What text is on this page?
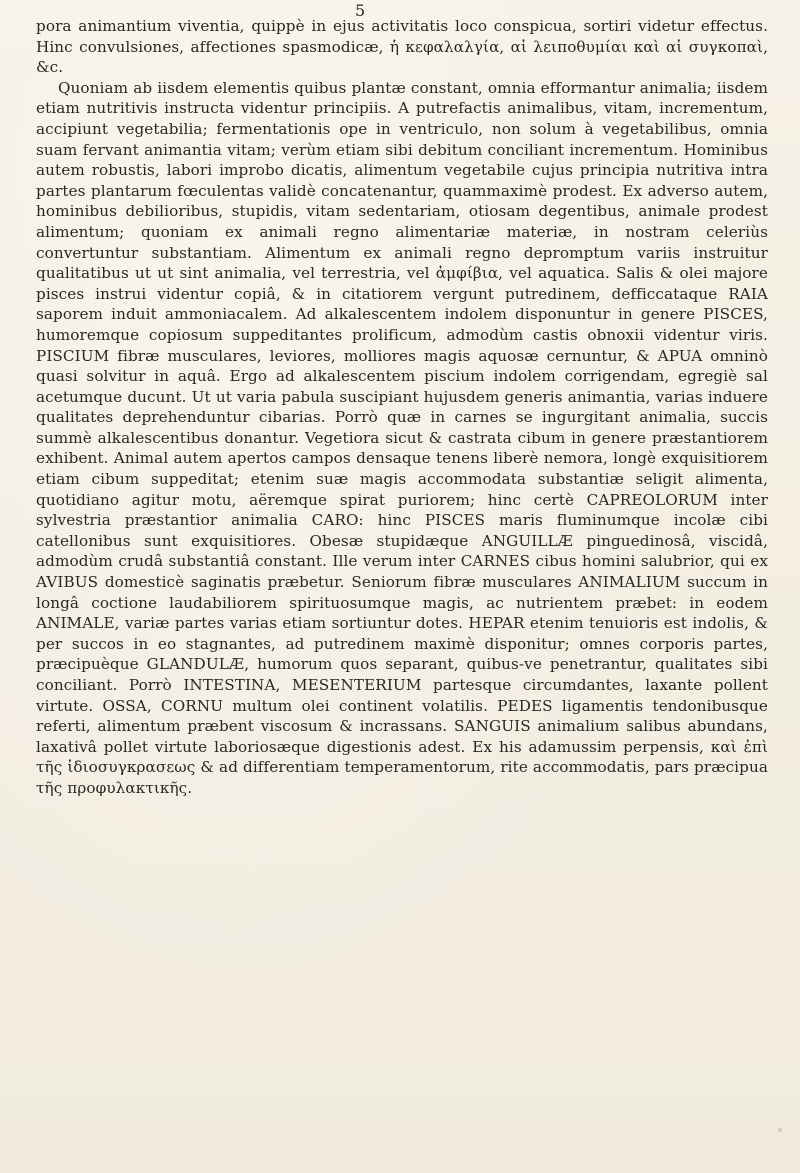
5

pora animantium viventia, quippè in ejus activitatis loco conspicua, sortiri videtur effectus. Hinc convulsiones, affectiones spasmodicæ, ἡ κεφαλαλγία, αἱ λειποθυμίαι καὶ αἱ συγκοπαὶ, &c.

Quoniam ab iisdem elementis quibus plantæ constant, omnia efformantur animalia; iisdem etiam nutritivis instructa videntur principiis. A putrefactis animalibus, vitam, incrementum, accipiunt vegetabilia; fermentationis ope in ventriculo, non solum à vegetabilibus, omnia suam fervant animantia vitam; verùm etiam sibi debitum conciliant incrementum. Hominibus autem robustis, labori improbo dicatis, alimentum vegetabile cujus principia nutritiva intra partes plantarum fœculentas validè concatenantur, quammaximè prodest. Ex adverso autem, hominibus debilioribus, stupidis, vitam sedentariam, otiosam degentibus, animale prodest alimentum; quoniam ex animali regno alimentariæ materiæ, in nostram celeriùs convertuntur substantiam. Alimentum ex animali regno depromptum variis instruitur qualitatibus ut ut sint animalia, vel terrestria, vel ἀμφίβια, vel aquatica. Salis & olei majore pisces instrui videntur copiâ, & in citatiorem vergunt putredinem, defficcataque RAIA saporem induit ammoniacalem. Ad alkalescentem indolem disponuntur in genere PISCES, humoremque copiosum suppeditantes prolificum, admodùm castis obnoxii videntur viris. PISCIUM fibræ musculares, leviores, molliores magis aquosæ cernuntur, & APUA omninò quasi solvitur in aquâ. Ergo ad alkalescentem piscium indolem corrigendam, egregiè sal acetumque ducunt. Ut ut varia pabula suscipiant hujusdem generis animantia, varias induere qualitates deprehenduntur cibarias. Porrò quæ in carnes se ingurgitant animalia, succis summè alkalescentibus donantur. Vegetiora sicut & castrata cibum in genere præstantiorem exhibent. Animal autem apertos campos densaque tenens liberè nemora, longè exquisitiorem etiam cibum suppeditat; etenim suæ magis accommodata substantiæ seligit alimenta, quotidiano agitur motu, aëremque spirat puriorem; hinc certè CAPREOLORUM inter sylvestria præstantior animalia CARO: hinc PISCES maris fluminumque incolæ cibi catellonibus sunt exquisitiores. Obesæ stupidæque ANGUILLÆ pinguedinosâ, viscidâ, admodùm crudâ substantiâ constant. Ille verum inter CARNES cibus homini salubrior, qui ex AVIBUS domesticè saginatis præbetur. Seniorum fibræ musculares ANIMALIUM succum in longâ coctione laudabiliorem spirituosumque magis, ac nutrientem præbet: in eodem ANIMALE, variæ partes varias etiam sortiuntur dotes. HEPAR etenim tenuioris est indolis, & per succos in eo stagnantes, ad putredinem maximè disponitur; omnes corporis partes, præcipuèque GLANDULÆ, humorum quos separant, quibus-ve penetrantur, qualitates sibi conciliant. Porrò INTESTINA, MESENTERIUM partesque circumdantes, laxante pollent virtute. OSSA, CORNU multum olei continent volatilis. PEDES ligamentis tendonibusque referti, alimentum præbent viscosum & incrassans. SANGUIS animalium salibus abundans, laxativâ pollet virtute laboriosæque digestionis adest. Ex his adamussim perpensis, καὶ ἐπὶ τῆς ἰδιοσυγκρασεως & ad differentiam temperamentorum, rite accommodatis, pars præcipua τῆς προφυλακτικῆς.
